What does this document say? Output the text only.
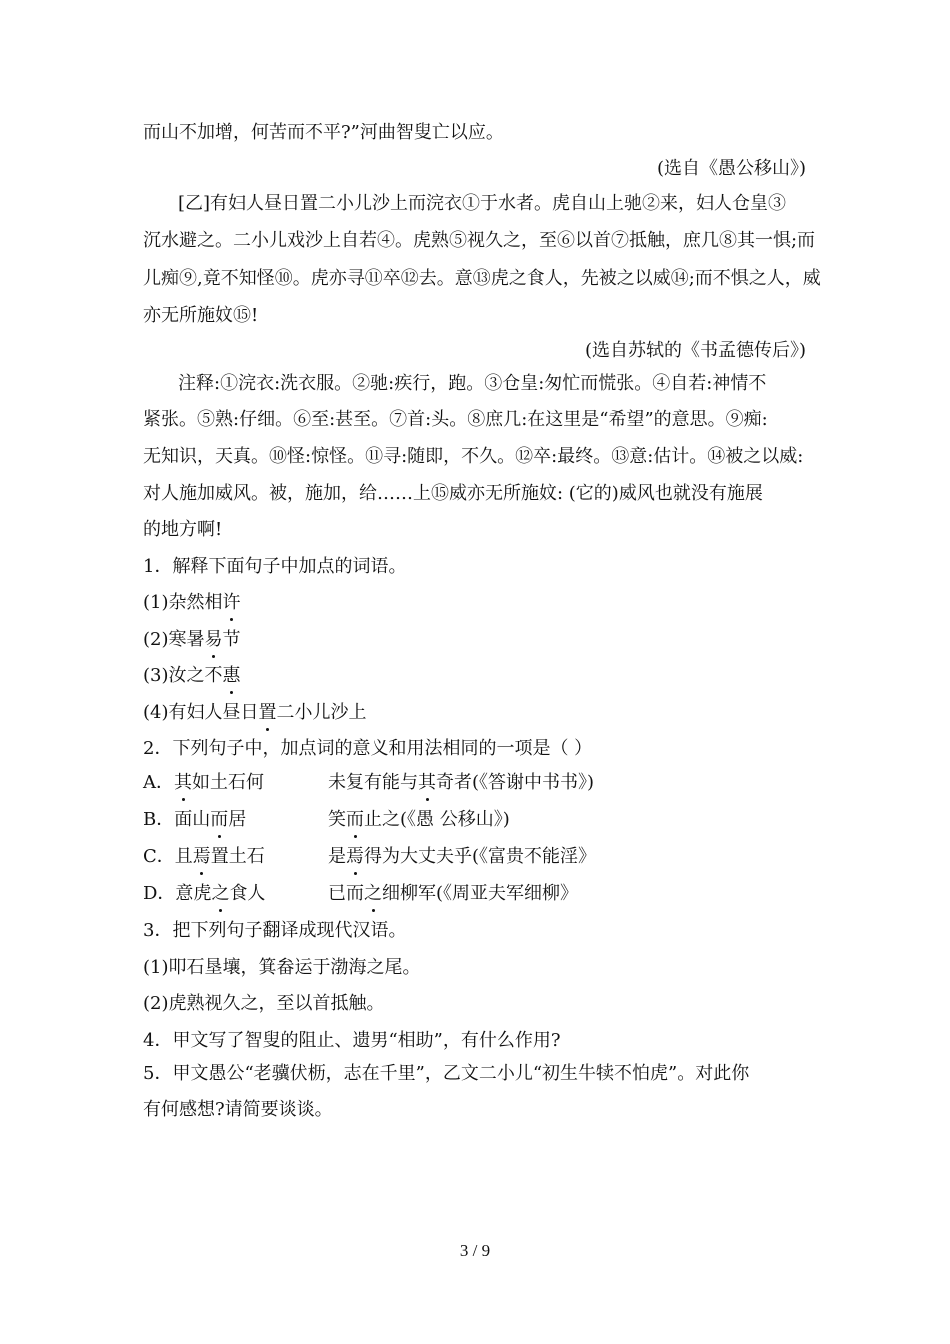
而山不加增，何苦而不平?”河曲智叟亡以应。
(选自《愚公移山》)
[乙]有妇人昼日置二小儿沙上而浣衣①于水者。虎自山上驰②来，妇人仓皇③
沉水避之。二小儿戏沙上自若④。虎熟⑤视久之，至⑥以首⑦抵触，庶几⑧其一惧;而
儿痴⑨,竟不知怪⑩。虎亦寻⑪卒⑫去。意⑬虎之食人，先被之以威⑭;而不惧之人，威
亦无所施妏⑮!
(选自苏轼的《书孟德传后》)
注释:①浣衣:洗衣服。②驰:疾行，跑。③仓皇:匆忙而慌张。④自若:神情不
紧张。⑤熟:仔细。⑥至:甚至。⑦首:头。⑧庶几:在这里是“希望”的意思。⑨痴:
无知识，天真。⑩怪:惊怪。⑪寻:随即，不久。⑫卒:最终。⑬意:估计。⑭被之以威:
对人施加威风。被，施加，给……上⑮威亦无所施妏: (它的)威风也就没有施展
的地方啊!
1．解释下面句子中加点的词语。
(1)杂然相许
(2)寒暑易节
(3)汝之不惠
(4)有妇人昼日置二小儿沙上
2．下列句子中，加点词的意义和用法相同的一项是（ ）
A．其如土石何	未复有能与其奇者(《答谢中书书》)
B．面山而居	笑而止之(《愚 公移山》)
C．且焉置土石	是焉得为大丈夫乎(《富贵不能淫》
D．意虎之食人	已而之细柳军(《周亚夫军细柳》
3．把下列句子翻译成现代汉语。
(1)叩石垦壤，箕畚运于渤海之尾。
(2)虎熟视久之，至以首抵触。
4．甲文写了智叟的阻止、遗男“相助”，有什么作用?
5．甲文愚公“老骥伏枥，志在千里”，乙文二小儿“初生牛犊不怕虎”。对此你
有何感想?请简要谈谈。
3 / 9
